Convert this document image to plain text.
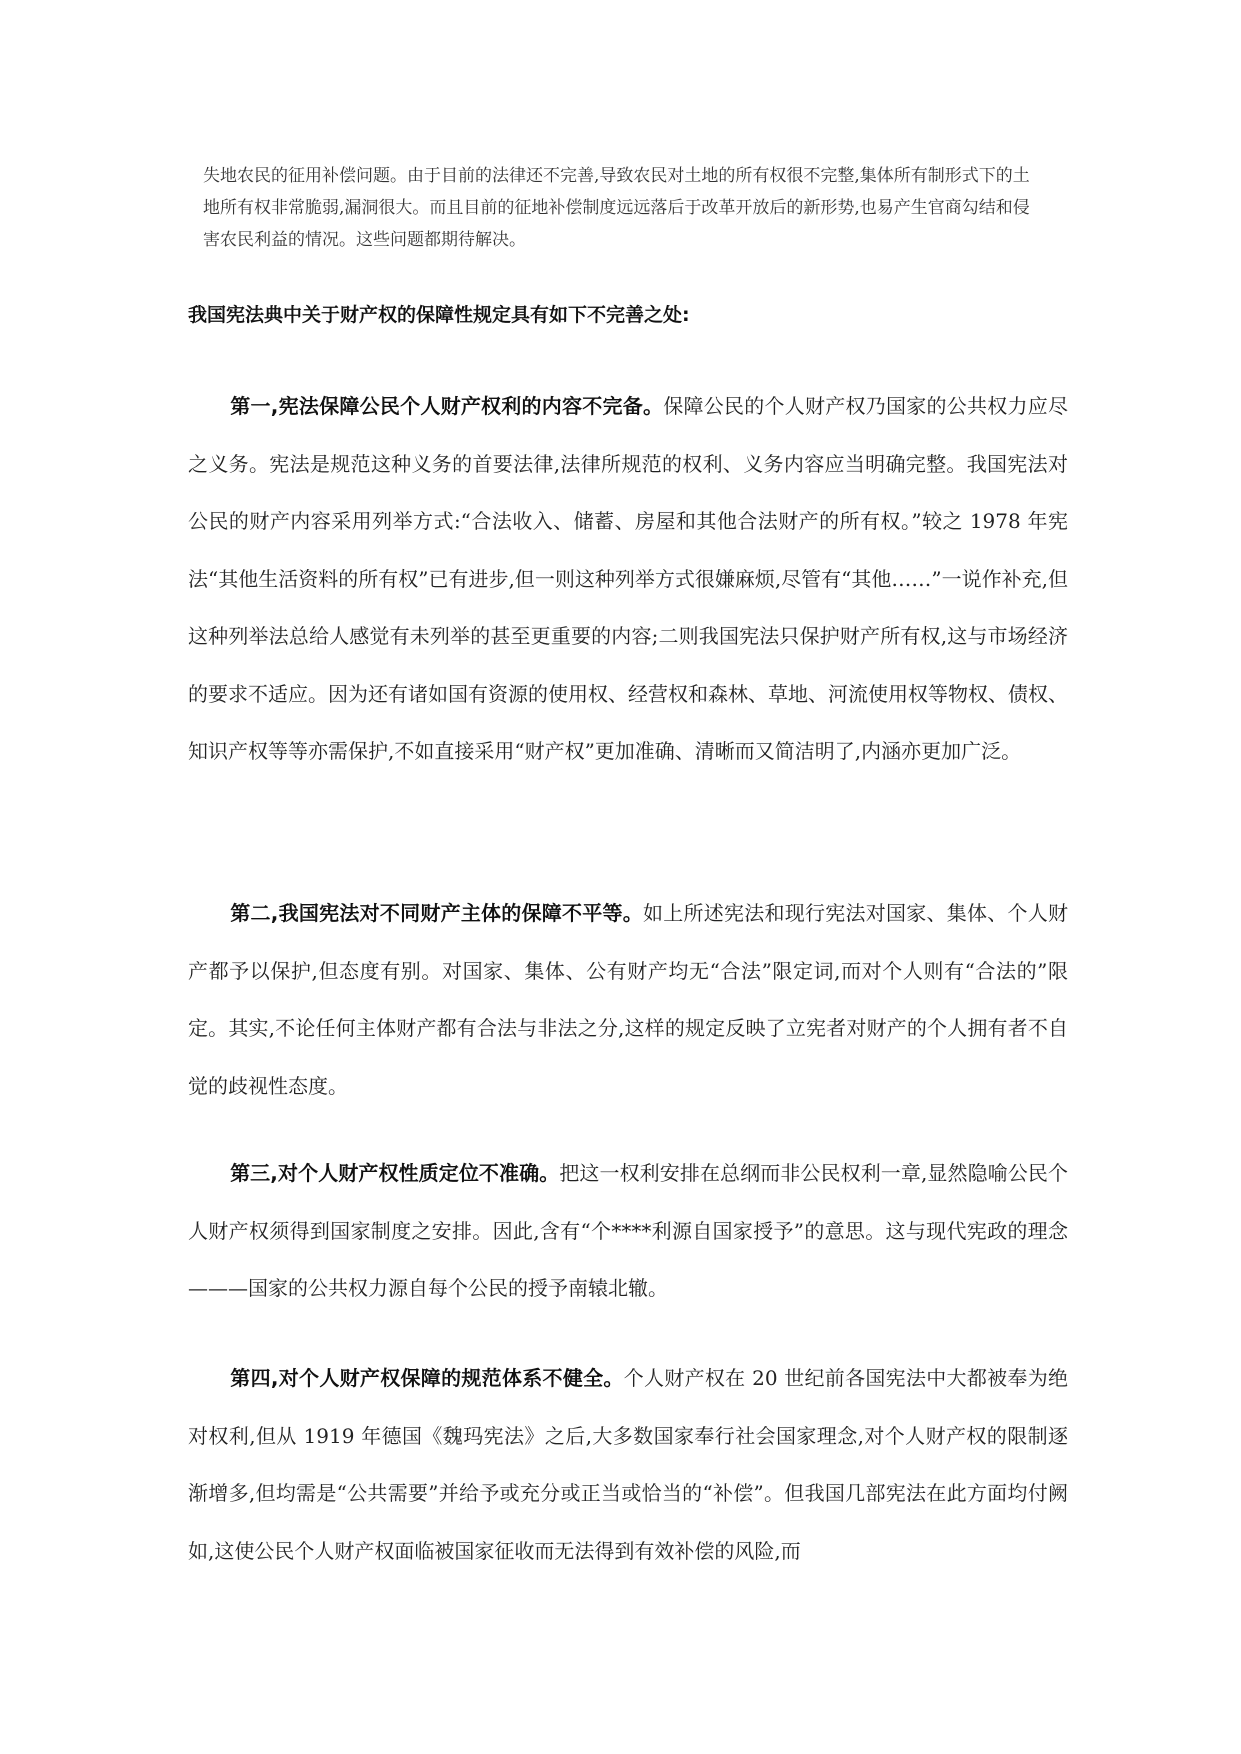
失地农民的征用补偿问题。由于目前的法律还不完善,导致农民对土地的所有权很不完整,集体所有制形式下的土地所有权非常脆弱,漏洞很大。而且目前的征地补偿制度远远落后于改革开放后的新形势,也易产生官商勾结和侵害农民利益的情况。这些问题都期待解决。

我国宪法典中关于财产权的保障性规定具有如下不完善之处:
第一,宪法保障公民个人财产权利的内容不完备。保障公民的个人财产权乃国家的公共权力应尽之义务。宪法是规范这种义务的首要法律,法律所规范的权利、义务内容应当明确完整。我国宪法对公民的财产内容采用列举方式:“合法收入、储蓄、房屋和其他合法财产的所有权。”较之 1978 年宪法“其他生活资料的所有权”已有进步,但一则这种列举方式很嫌麻烦,尽管有“其他……”一说作补充,但这种列举法总给人感觉有未列举的甚至更重要的内容;二则我国宪法只保护财产所有权,这与市场经济的要求不适应。因为还有诸如国有资源的使用权、经营权和森林、草地、河流使用权等物权、债权、知识产权等等亦需保护,不如直接采用“财产权”更加准确、清晰而又简洁明了,内涵亦更加广泛。
第二,我国宪法对不同财产主体的保障不平等。如上所述宪法和现行宪法对国家、集体、个人财产都予以保护,但态度有别。对国家、集体、公有财产均无“合法”限定词,而对个人则有“合法的”限定。其实,不论任何主体财产都有合法与非法之分,这样的规定反映了立宪者对财产的个人拥有者不自觉的歧视性态度。
第三,对个人财产权性质定位不准确。把这一权利安排在总纲而非公民权利一章,显然隐喻公民个人财产权须得到国家制度之安排。因此,含有“个****利源自国家授予”的意思。这与现代宪政的理念———国家的公共权力源自每个公民的授予南辕北辙。
第四,对个人财产权保障的规范体系不健全。个人财产权在 20 世纪前各国宪法中大都被奉为绝对权利,但从 1919 年德国《魏玛宪法》之后,大多数国家奉行社会国家理念,对个人财产权的限制逐渐增多,但均需是“公共需要”并给予或充分或正当或恰当的“补偿”。但我国几部宪法在此方面均付阙如,这使公民个人财产权面临被国家征收而无法得到有效补偿的风险,而
